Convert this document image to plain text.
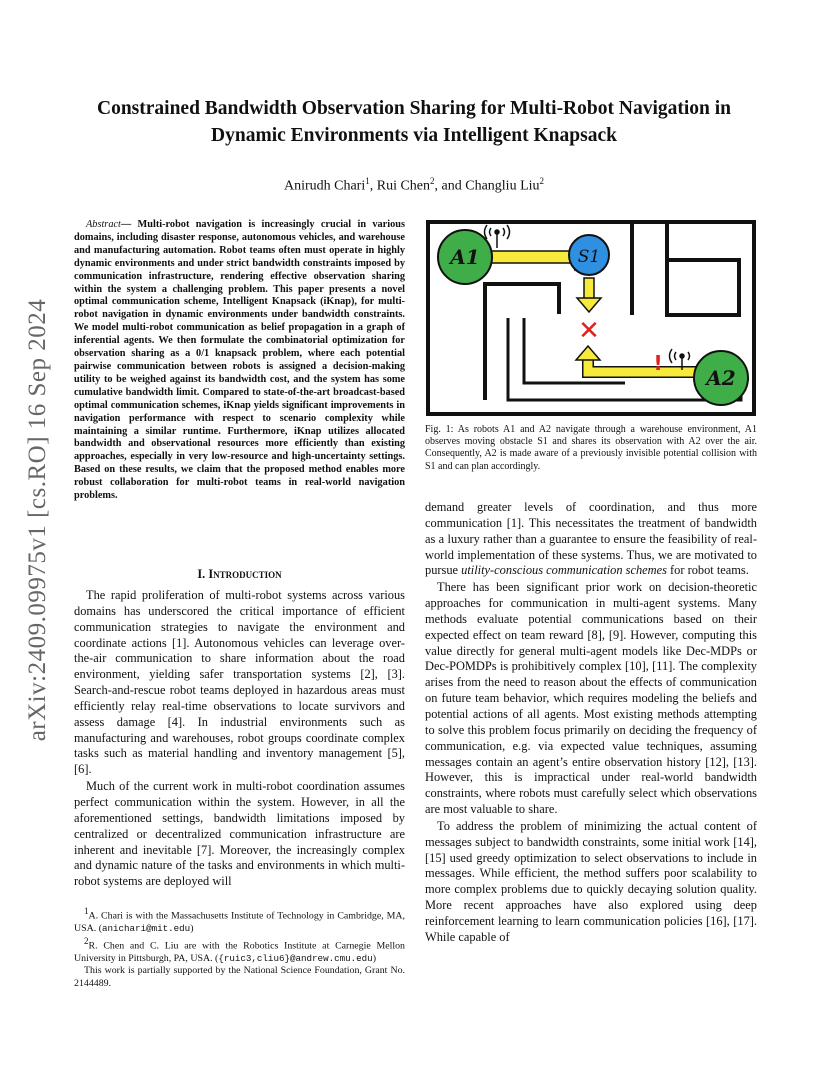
Constrained Bandwidth Observation Sharing for Multi-Robot Navigation in Dynamic Environments via Intelligent Knapsack
Anirudh Chari$^1$, Rui Chen$^2$, and Changliu Liu$^2$
arXiv:2409.09975v1 [cs.RO] 16 Sep 2024

Abstract— Multi-robot navigation is increasingly crucial in various domains, including disaster response, autonomous vehicles, and warehouse and manufacturing automation. Robot teams often must operate in highly dynamic environments and under strict bandwidth constraints imposed by communication infrastructure, rendering effective observation sharing within the system a challenging problem. This paper presents a novel optimal communication scheme, Intelligent Knapsack (iKnap), for multi-robot navigation in dynamic environments under bandwidth constraints. We model multi-robot communication as belief propagation in a graph of inferential agents. We then formulate the combinatorial optimization for observation sharing as a 0/1 knapsack problem, where each potential pairwise communication between robots is assigned a decision-making utility to be weighed against its bandwidth cost, and the system has some cumulative bandwidth limit. Compared to state-of-the-art broadcast-based optimal communication schemes, iKnap yields significant improvements in navigation performance with respect to scenario complexity while maintaining a similar runtime. Furthermore, iKnap utilizes allocated bandwidth and observational resources more efficiently than existing approaches, especially in very low-resource and high-uncertainty settings. Based on these results, we claim that the proposed method enables more robust collaboration for multi-robot teams in real-world navigation problems.

I. Introduction

The rapid proliferation of multi-robot systems across various domains has underscored the critical importance of efficient communication strategies to navigate the environment and coordinate actions [1]. Autonomous vehicles can leverage over-the-air communication to share information about the road environment, yielding safer transportation systems [2], [3]. Search-and-rescue robot teams deployed in hazardous areas must efficiently relay real-time observations to locate survivors and assess damage [4]. In industrial environments such as manufacturing and warehouses, robot groups coordinate complex tasks such as material handling and inventory management [5], [6].

Much of the current work in multi-robot coordination assumes perfect communication within the system. However, in all the aforementioned settings, bandwidth limitations imposed by centralized or decentralized communication infrastructure are inherent and inevitable [7]. Moreover, the increasingly complex and dynamic nature of the tasks and environments in which multi-robot systems are deployed will

$^1$A. Chari is with the Massachusetts Institute of Technology in Cambridge, MA, USA. (anichari@mit.edu)

$^2$R. Chen and C. Liu are with the Robotics Institute at Carnegie Mellon University in Pittsburgh, PA, USA. ({ruic3,cliu6}@andrew.cmu.edu)

This work is partially supported by the National Science Foundation, Grant No. 2144489.

✕
!
A1	S1
A2

Fig. 1: As robots A1 and A2 navigate through a warehouse environment, A1 observes moving obstacle S1 and shares its observation with A2 over the air. Consequently, A2 is made aware of a previously invisible potential collision with S1 and can plan accordingly.

demand greater levels of coordination, and thus more communication [1]. This necessitates the treatment of bandwidth as a luxury rather than a guarantee to ensure the feasibility of real-world implementation of these systems. Thus, we are motivated to pursue utility-conscious communication schemes for robot teams.

There has been significant prior work on decision-theoretic approaches for communication in multi-agent systems. Many methods evaluate potential communications based on their expected effect on team reward [8], [9]. However, computing this value directly for general multi-agent models like Dec-MDPs or Dec-POMDPs is prohibitively complex [10], [11]. The complexity arises from the need to reason about the effects of communication on future team behavior, which requires modeling the beliefs and potential actions of all agents. Most existing methods attempting to solve this problem focus primarily on deciding the frequency of communication, e.g. via expected value techniques, assuming messages contain an agent’s entire observation history [12], [13]. However, this is impractical under real-world bandwidth constraints, where robots must carefully select which observations are most valuable to share.

To address the problem of minimizing the actual content of messages subject to bandwidth constraints, some initial work [14], [15] used greedy optimization to select observations to include in messages. While efficient, the method suffers poor scalability to more complex problems due to quickly decaying solution quality. More recent approaches have also explored using deep reinforcement learning to learn communication policies [16], [17]. While capable of
